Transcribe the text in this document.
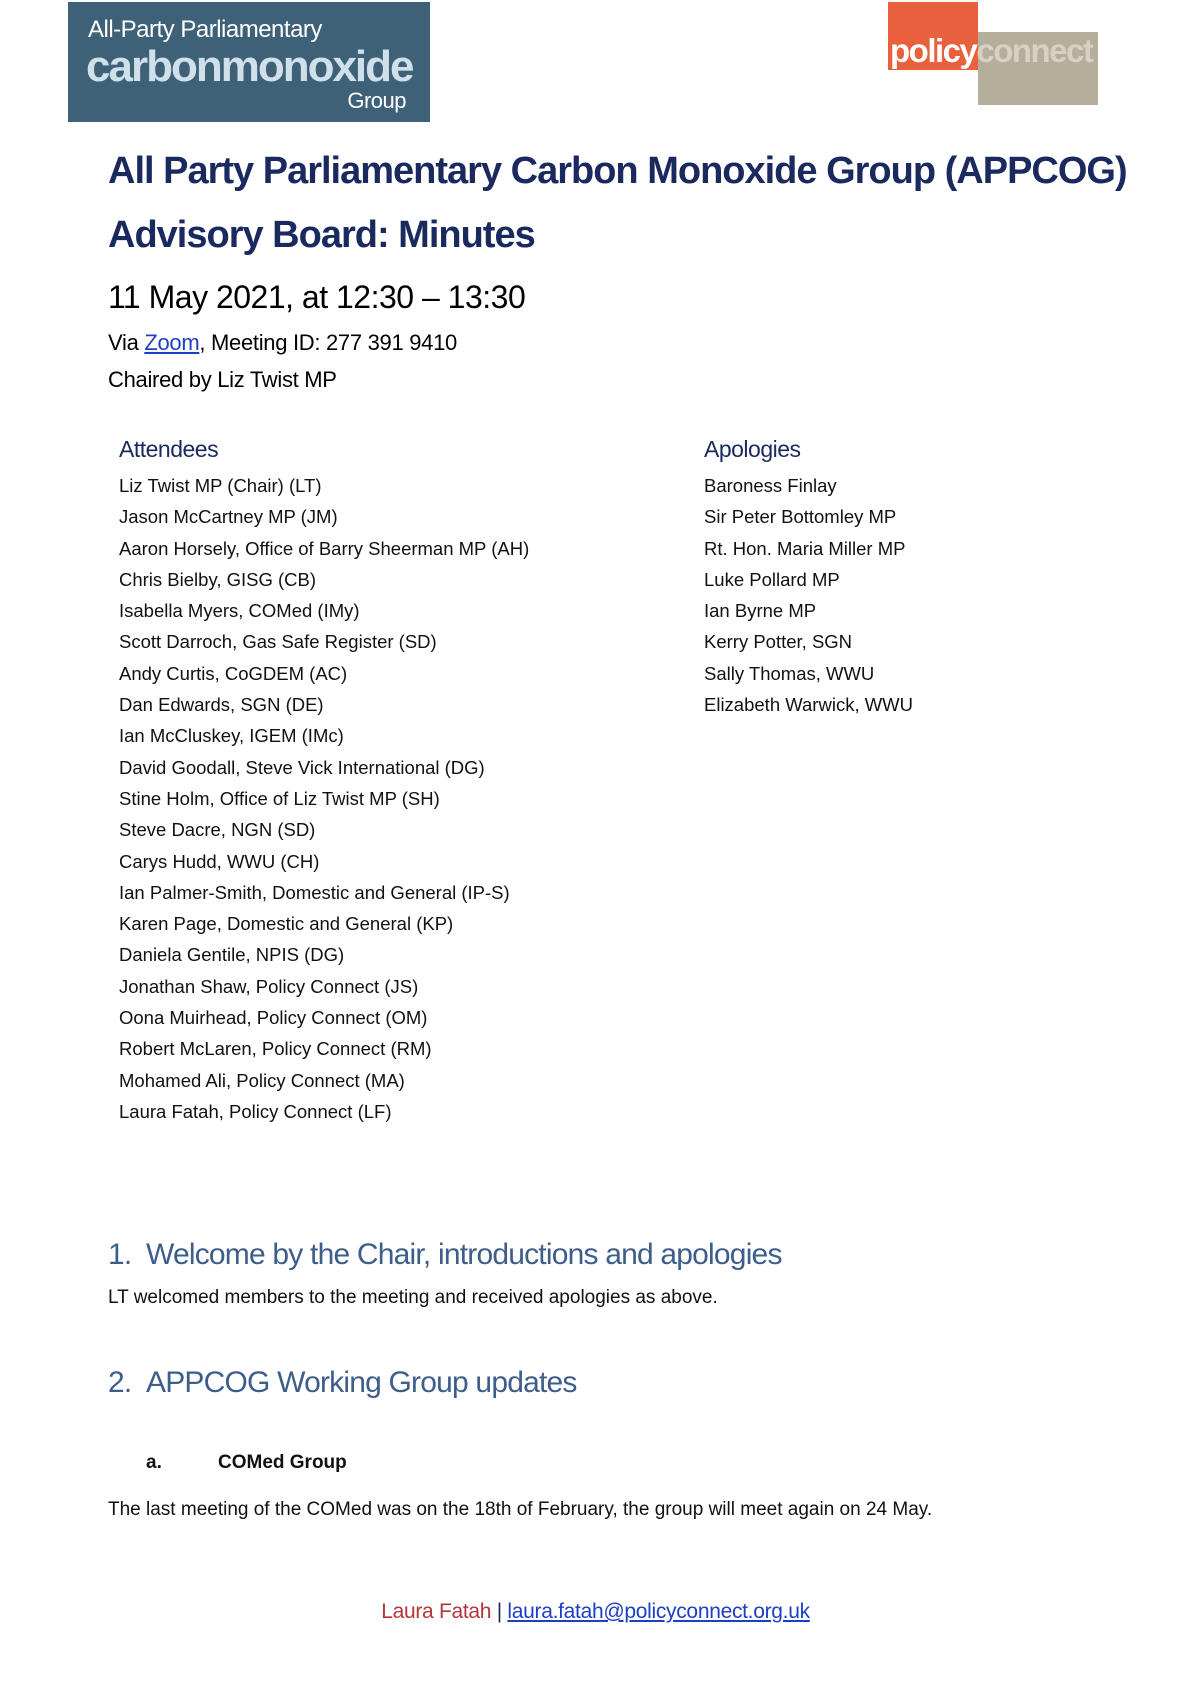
All-Party Parliamentary
carbonmonoxide
Group
policyconnect
All Party Parliamentary Carbon Monoxide Group (APPCOG)
Advisory Board: Minutes
11 May 2021, at 12:30 – 13:30
Via Zoom, Meeting ID: 277 391 9410
Chaired by Liz Twist MP
Attendees
Liz Twist MP (Chair) (LT)
Jason McCartney MP (JM)
Aaron Horsely, Office of Barry Sheerman MP (AH)
Chris Bielby, GISG (CB)
Isabella Myers, COMed (IMy)
Scott Darroch, Gas Safe Register (SD)
Andy Curtis, CoGDEM (AC)
Dan Edwards, SGN (DE)
Ian McCluskey, IGEM (IMc)
David Goodall, Steve Vick International (DG)
Stine Holm, Office of Liz Twist MP (SH)
Steve Dacre, NGN (SD)
Carys Hudd, WWU (CH)
Ian Palmer-Smith, Domestic and General (IP-S)
Karen Page, Domestic and General (KP)
Daniela Gentile, NPIS (DG)
Jonathan Shaw, Policy Connect (JS)
Oona Muirhead, Policy Connect (OM)
Robert McLaren, Policy Connect (RM)
Mohamed Ali, Policy Connect (MA)
Laura Fatah, Policy Connect (LF)
Apologies
Baroness Finlay
Sir Peter Bottomley MP
Rt. Hon. Maria Miller MP
Luke Pollard MP
Ian Byrne MP
Kerry Potter, SGN
Sally Thomas, WWU
Elizabeth Warwick, WWU
1. Welcome by the Chair, introductions and apologies
LT welcomed members to the meeting and received apologies as above.
2. APPCOG Working Group updates
a.	COMed Group
The last meeting of the COMed was on the 18th of February, the group will meet again on 24 May.
Laura Fatah | laura.fatah@policyconnect.org.uk
